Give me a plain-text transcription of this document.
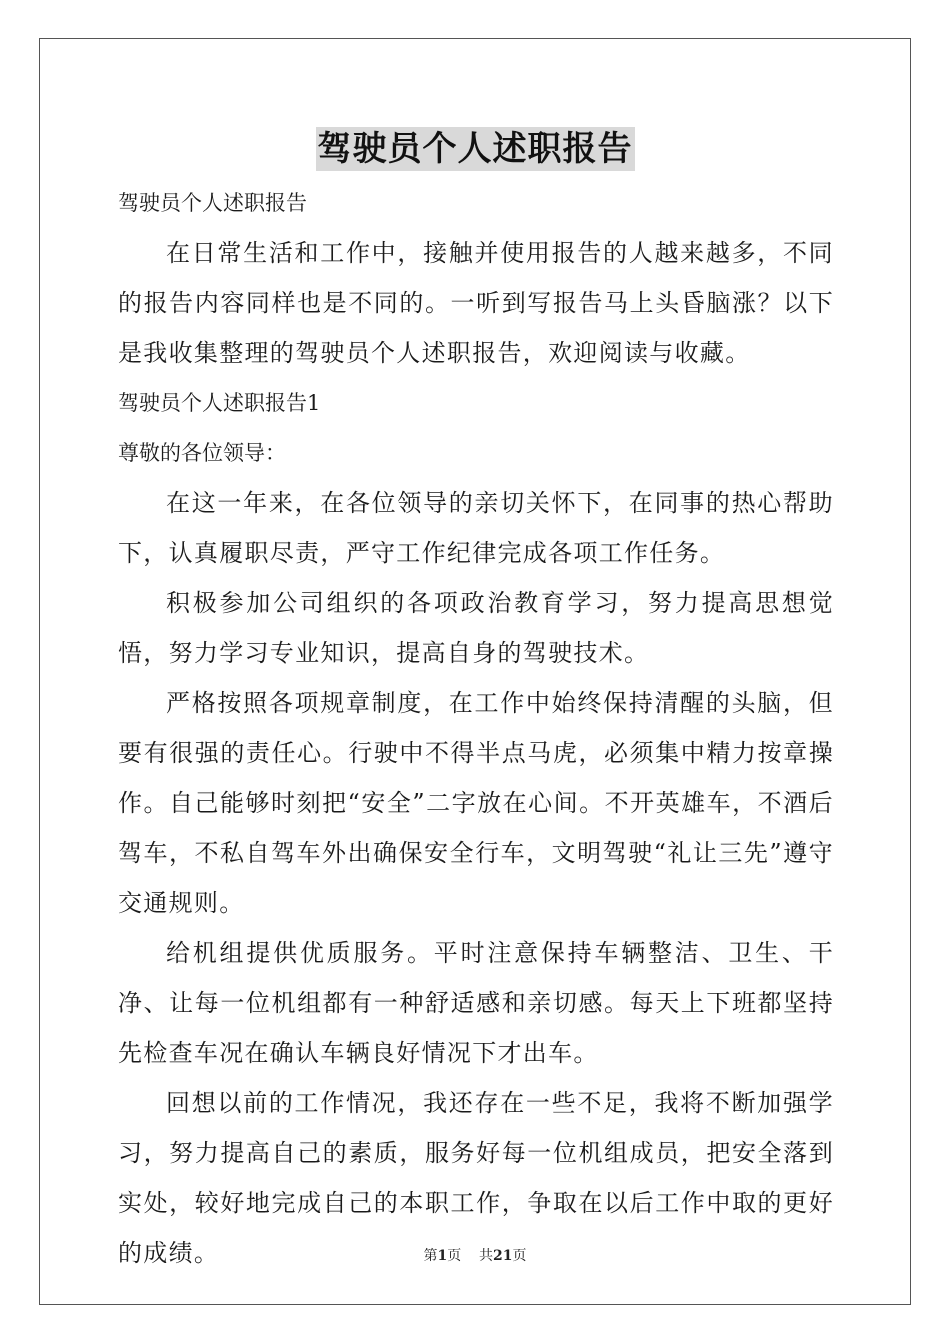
驾驶员个人述职报告

驾驶员个人述职报告

在日常生活和工作中，接触并使用报告的人越来越多，不同的报告内容同样也是不同的。一听到写报告马上头昏脑涨？以下是我收集整理的驾驶员个人述职报告，欢迎阅读与收藏。

驾驶员个人述职报告1

尊敬的各位领导：

在这一年来，在各位领导的亲切关怀下，在同事的热心帮助下，认真履职尽责，严守工作纪律完成各项工作任务。

积极参加公司组织的各项政治教育学习，努力提高思想觉悟，努力学习专业知识，提高自身的驾驶技术。

严格按照各项规章制度，在工作中始终保持清醒的头脑，但要有很强的责任心。行驶中不得半点马虎，必须集中精力按章操作。自己能够时刻把“安全”二字放在心间。不开英雄车，不酒后驾车，不私自驾车外出确保安全行车，文明驾驶“礼让三先”遵守交通规则。

给机组提供优质服务。平时注意保持车辆整洁、卫生、干净、让每一位机组都有一种舒适感和亲切感。每天上下班都坚持先检查车况在确认车辆良好情况下才出车。

回想以前的工作情况，我还存在一些不足，我将不断加强学习，努力提高自己的素质，服务好每一位机组成员，把安全落到实处，较好地完成自己的本职工作，争取在以后工作中取的更好的成绩。	第1页 共21页
